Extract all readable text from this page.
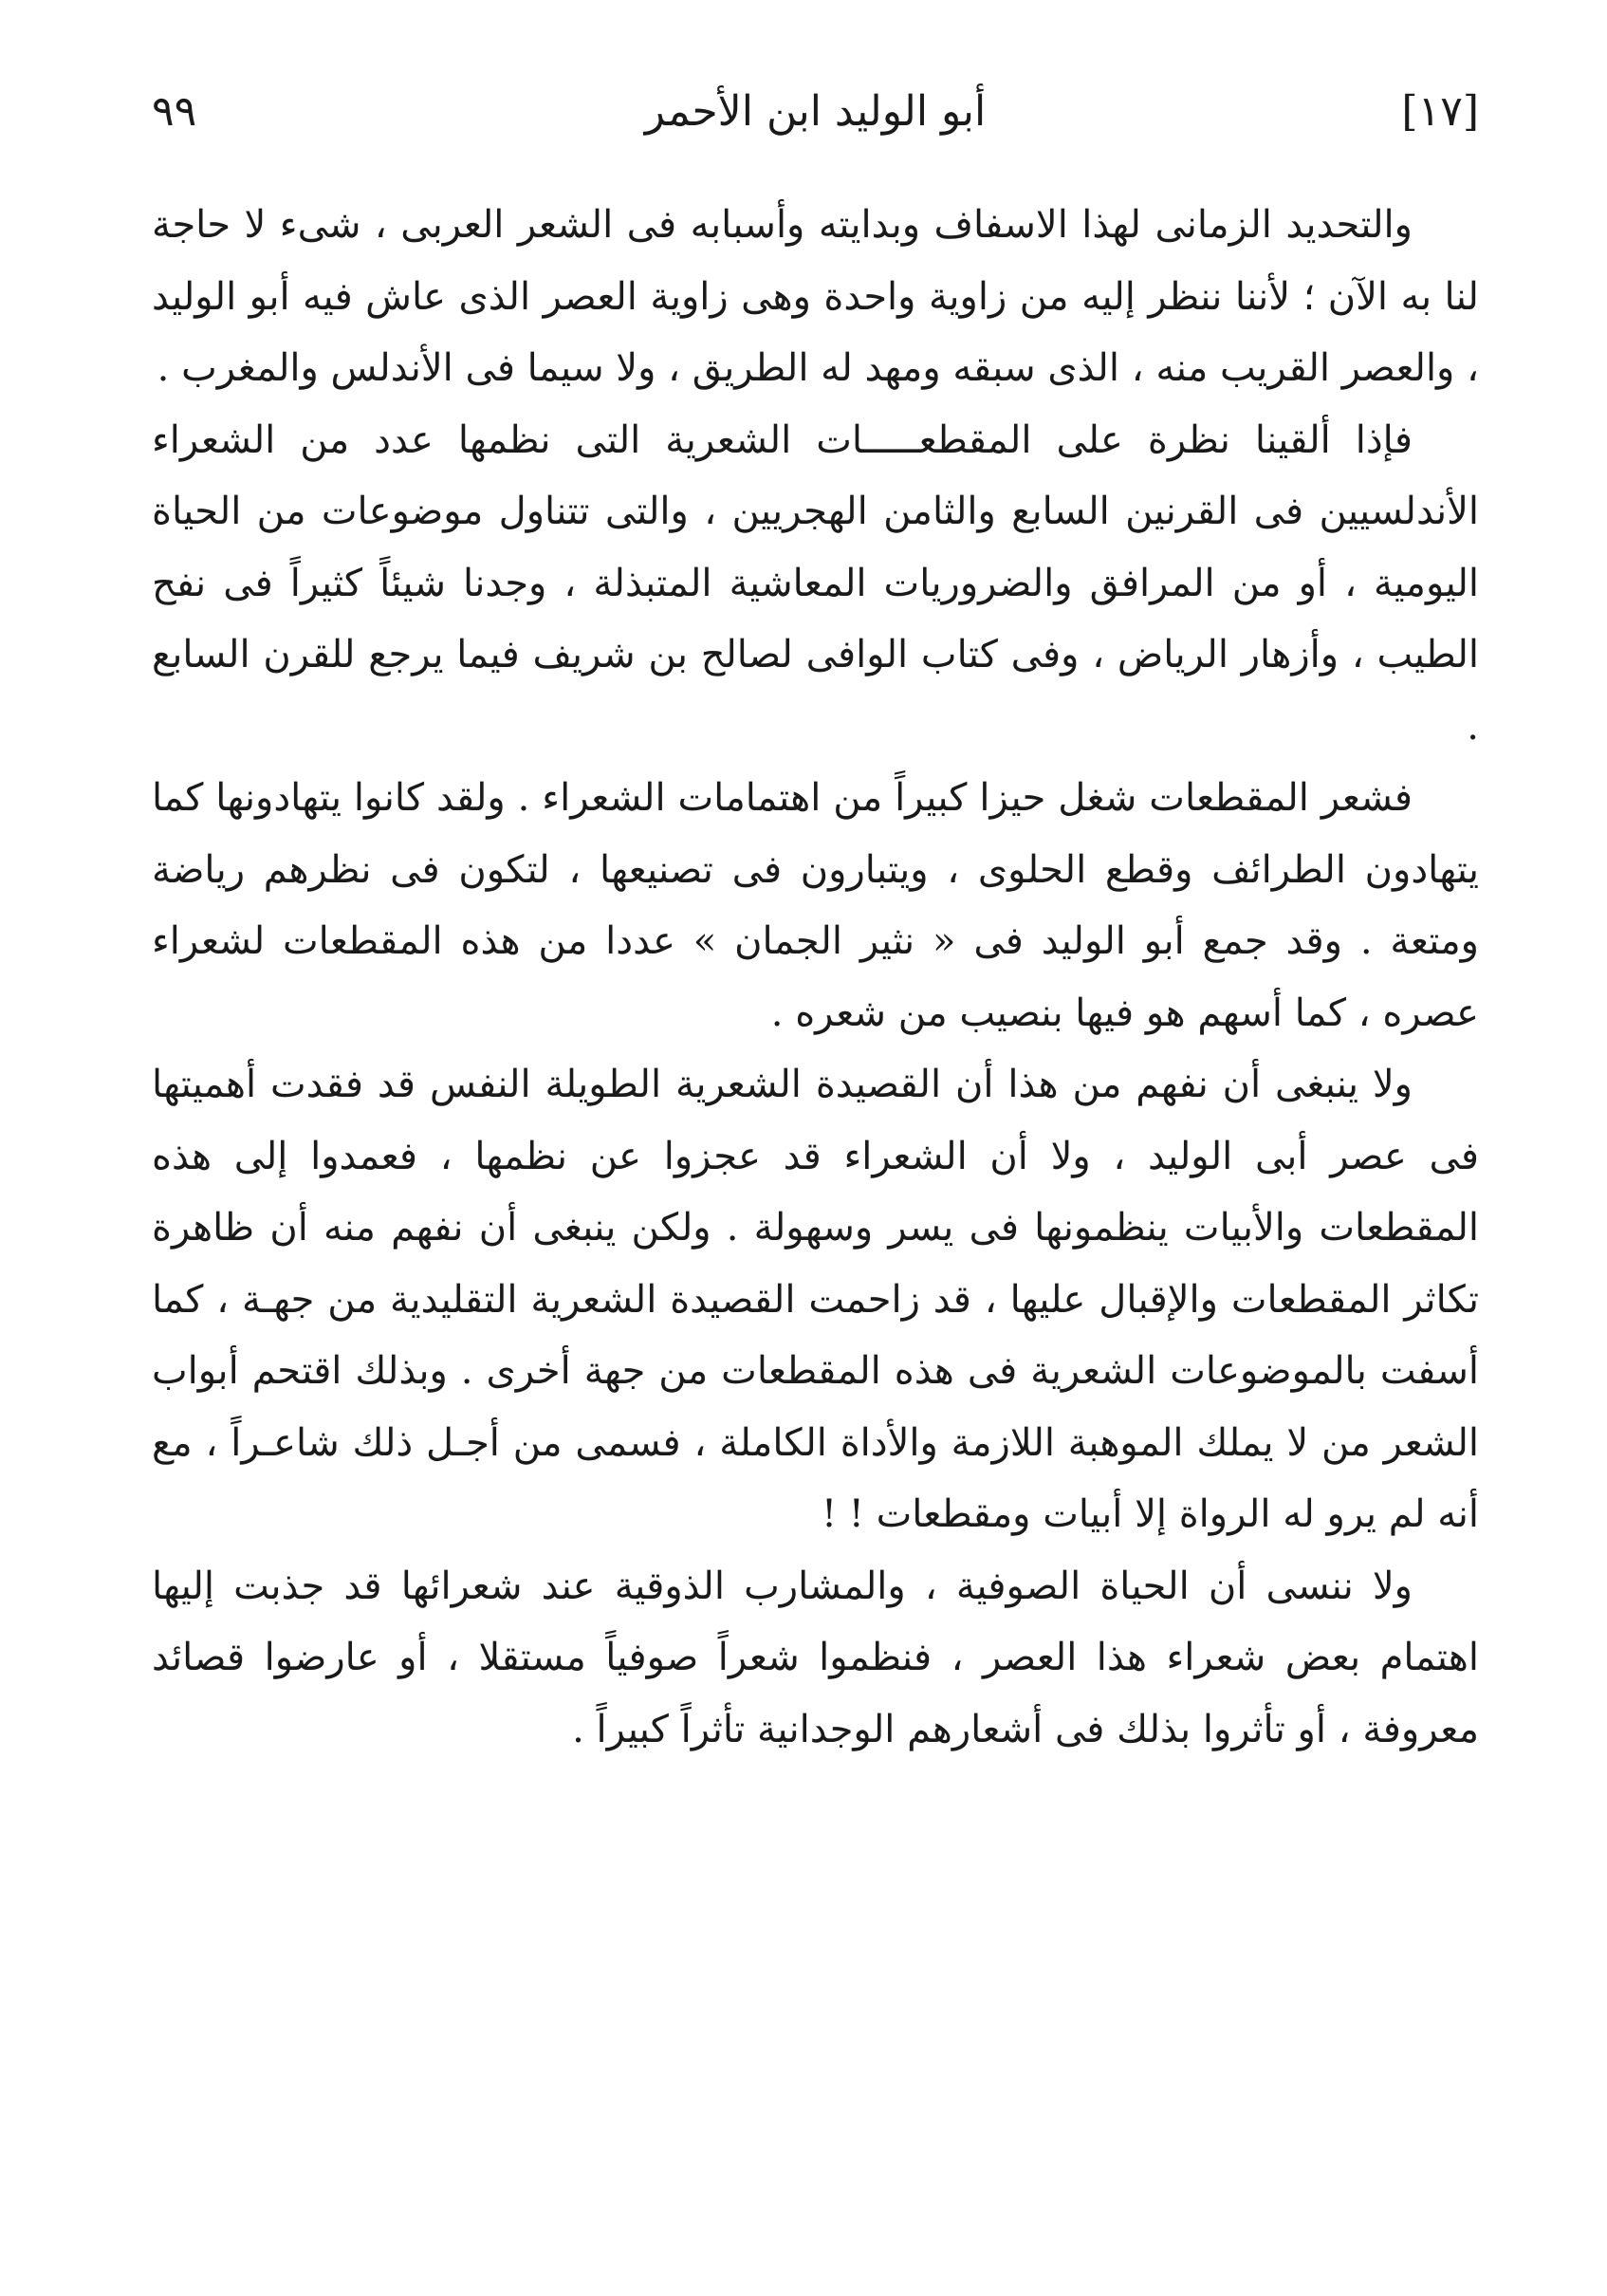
٩٩	أبو الوليد ابن الأحمر	[١٧]

والتحديد الزمانى لهذا الاسفاف وبدايته وأسبابه فى الشعر العربى ، شىء لا حاجة لنا به الآن ؛ لأننا ننظر إليه من زاوية واحدة وهى زاوية العصر الذى عاش فيه أبو الوليد ، والعصر القريب منه ، الذى سبقه ومهد له الطريق ، ولا سيما فى الأندلس والمغرب .

فإذا ألقينا نظرة على المقطعـــــات الشعرية التى نظمها عدد من الشعراء الأندلسيين فى القرنين السابع والثامن الهجريين ، والتى تتناول موضوعات من الحياة اليومية ، أو من المرافق والضروريات المعاشية المتبذلة ، وجدنا شيئاً كثيراً فى نفح الطيب ، وأزهار الرياض ، وفى كتاب الوافى لصالح بن شريف فيما يرجع للقرن السابع .

فشعر المقطعات شغل حيزا كبيراً من اهتمامات الشعراء . ولقد كانوا يتهادونها كما يتهادون الطرائف وقطع الحلوى ، ويتبارون فى تصنيعها ، لتكون فى نظرهم رياضة ومتعة . وقد جمع أبو الوليد فى « نثير الجمان » عددا من هذه المقطعات لشعراء عصره ، كما أسهم هو فيها بنصيب من شعره .

ولا ينبغى أن نفهم من هذا أن القصيدة الشعرية الطويلة النفس قد فقدت أهميتها فى عصر أبى الوليد ، ولا أن الشعراء قد عجزوا عن نظمها ، فعمدوا إلى هذه المقطعات والأبيات ينظمونها فى يسر وسهولة . ولكن ينبغى أن نفهم منه أن ظاهرة تكاثر المقطعات والإقبال عليها ، قد زاحمت القصيدة الشعرية التقليدية من جهـة ، كما أسفت بالموضوعات الشعرية فى هذه المقطعات من جهة أخرى . وبذلك اقتحم أبواب الشعر من لا يملك الموهبة اللازمة والأداة الكاملة ، فسمى من أجـل ذلك شاعـراً ، مع أنه لم يرو له الرواة إلا أبيات ومقطعات ! !

ولا ننسى أن الحياة الصوفية ، والمشارب الذوقية عند شعرائها قد جذبت إليها اهتمام بعض شعراء هذا العصر ، فنظموا شعراً صوفياً مستقلا ، أو عارضوا قصائد معروفة ، أو تأثروا بذلك فى أشعارهم الوجدانية تأثراً كبيراً .
